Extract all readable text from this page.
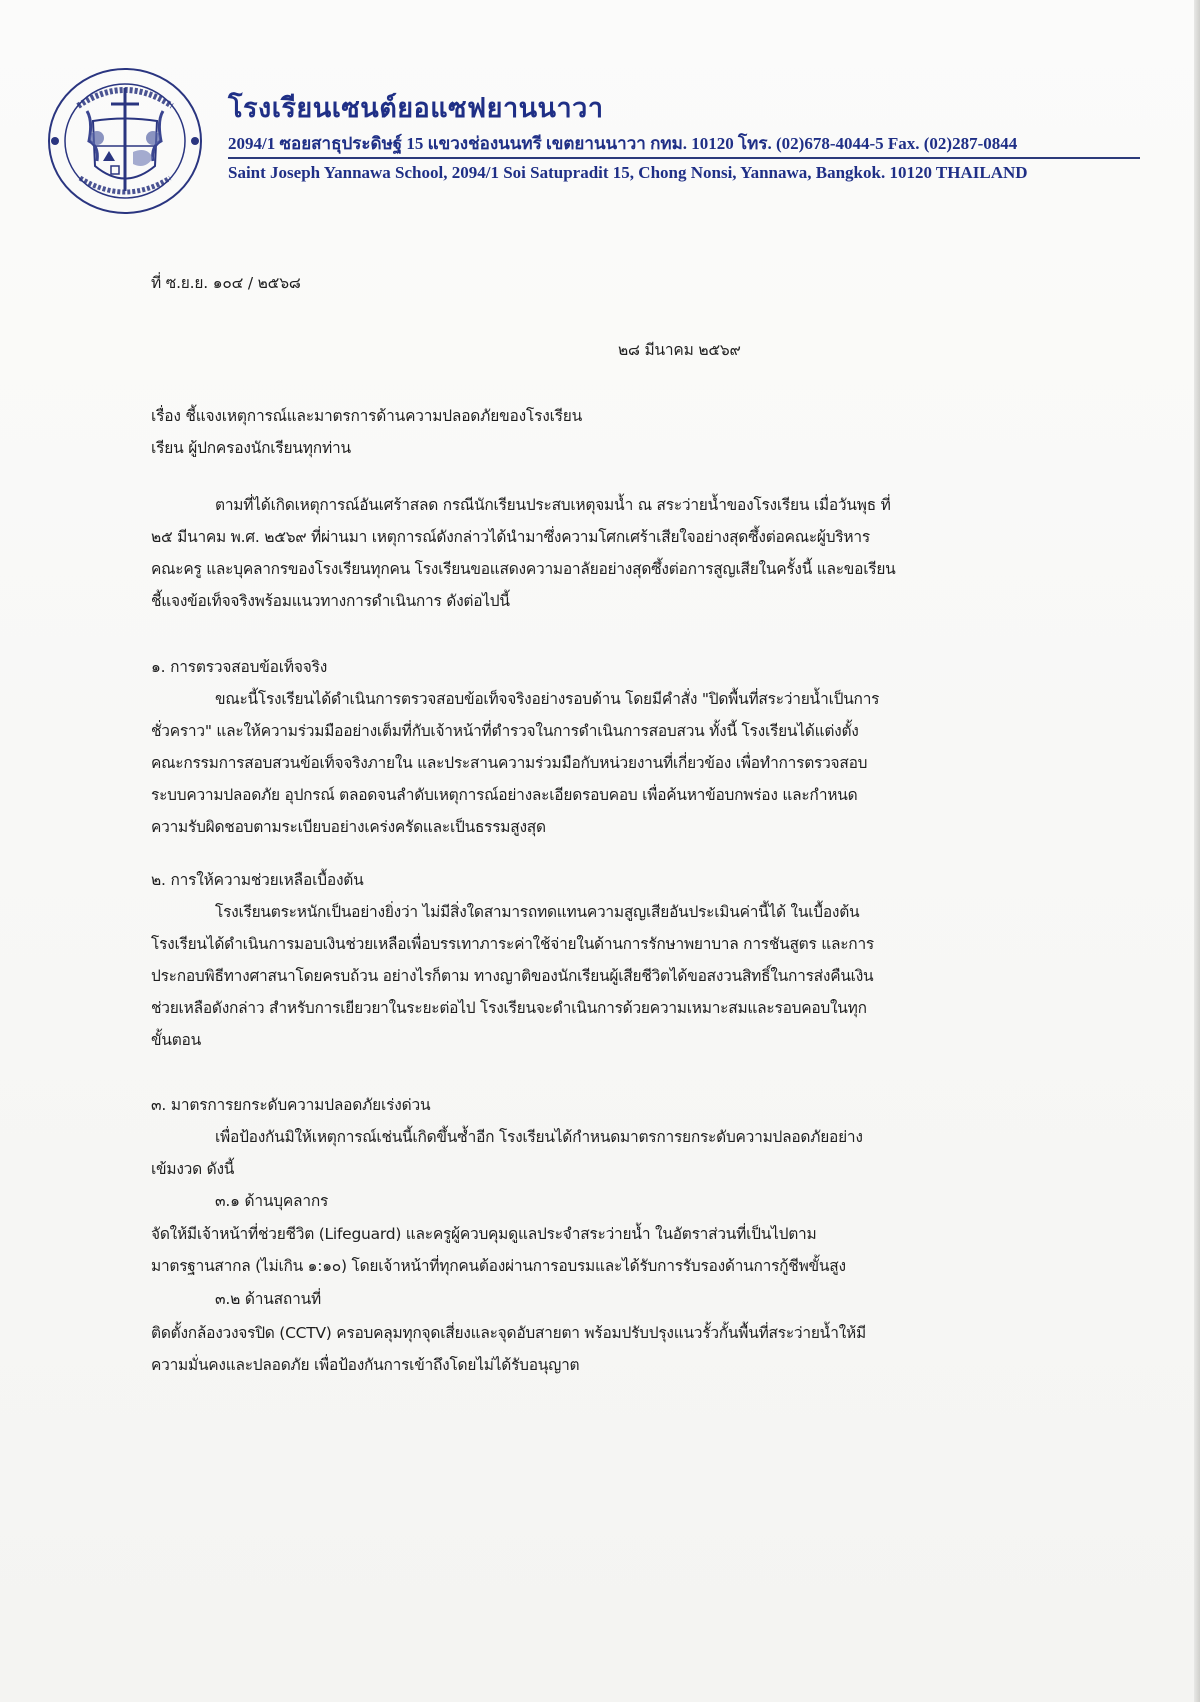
โรงเรียนเซนต์ยอแซฟยานนาวา
2094/1 ซอยสาธุประดิษฐ์ 15 แขวงช่องนนทรี เขตยานนาวา กทม. 10120 โทร. (02)678-4044-5 Fax. (02)287-0844
Saint Joseph Yannawa School, 2094/1 Soi Satupradit 15, Chong Nonsi, Yannawa, Bangkok. 10120 THAILAND
ที่ ซ.ย.ย. ๑๐๔ / ๒๕๖๘
๒๘ มีนาคม ๒๕๖๙
เรื่อง ชี้แจงเหตุการณ์และมาตรการด้านความปลอดภัยของโรงเรียน
เรียน ผู้ปกครองนักเรียนทุกท่าน
ตามที่ได้เกิดเหตุการณ์อันเศร้าสลด กรณีนักเรียนประสบเหตุจมน้ำ ณ สระว่ายน้ำของโรงเรียน เมื่อวันพุธ ที่
๒๕ มีนาคม พ.ศ. ๒๕๖๙ ที่ผ่านมา เหตุการณ์ดังกล่าวได้นำมาซึ่งความโศกเศร้าเสียใจอย่างสุดซึ้งต่อคณะผู้บริหาร
คณะครู และบุคลากรของโรงเรียนทุกคน โรงเรียนขอแสดงความอาลัยอย่างสุดซึ้งต่อการสูญเสียในครั้งนี้ และขอเรียน
ชี้แจงข้อเท็จจริงพร้อมแนวทางการดำเนินการ ดังต่อไปนี้
๑. การตรวจสอบข้อเท็จจริง
ขณะนี้โรงเรียนได้ดำเนินการตรวจสอบข้อเท็จจริงอย่างรอบด้าน โดยมีคำสั่ง "ปิดพื้นที่สระว่ายน้ำเป็นการ
ชั่วคราว" และให้ความร่วมมืออย่างเต็มที่กับเจ้าหน้าที่ตำรวจในการดำเนินการสอบสวน ทั้งนี้ โรงเรียนได้แต่งตั้ง
คณะกรรมการสอบสวนข้อเท็จจริงภายใน และประสานความร่วมมือกับหน่วยงานที่เกี่ยวข้อง เพื่อทำการตรวจสอบ
ระบบความปลอดภัย อุปกรณ์ ตลอดจนลำดับเหตุการณ์อย่างละเอียดรอบคอบ เพื่อค้นหาข้อบกพร่อง และกำหนด
ความรับผิดชอบตามระเบียบอย่างเคร่งครัดและเป็นธรรมสูงสุด
๒. การให้ความช่วยเหลือเบื้องต้น
โรงเรียนตระหนักเป็นอย่างยิ่งว่า ไม่มีสิ่งใดสามารถทดแทนความสูญเสียอันประเมินค่านี้ได้ ในเบื้องต้น
โรงเรียนได้ดำเนินการมอบเงินช่วยเหลือเพื่อบรรเทาภาระค่าใช้จ่ายในด้านการรักษาพยาบาล การชันสูตร และการ
ประกอบพิธีทางศาสนาโดยครบถ้วน อย่างไรก็ตาม ทางญาติของนักเรียนผู้เสียชีวิตได้ขอสงวนสิทธิ์ในการส่งคืนเงิน
ช่วยเหลือดังกล่าว สำหรับการเยียวยาในระยะต่อไป โรงเรียนจะดำเนินการด้วยความเหมาะสมและรอบคอบในทุก
ขั้นตอน
๓. มาตรการยกระดับความปลอดภัยเร่งด่วน
เพื่อป้องกันมิให้เหตุการณ์เช่นนี้เกิดขึ้นซ้ำอีก โรงเรียนได้กำหนดมาตรการยกระดับความปลอดภัยอย่าง
เข้มงวด ดังนี้
๓.๑ ด้านบุคลากร
จัดให้มีเจ้าหน้าที่ช่วยชีวิต (Lifeguard) และครูผู้ควบคุมดูแลประจำสระว่ายน้ำ ในอัตราส่วนที่เป็นไปตาม
มาตรฐานสากล (ไม่เกิน ๑:๑๐) โดยเจ้าหน้าที่ทุกคนต้องผ่านการอบรมและได้รับการรับรองด้านการกู้ชีพขั้นสูง
๓.๒ ด้านสถานที่
ติดตั้งกล้องวงจรปิด (CCTV) ครอบคลุมทุกจุดเสี่ยงและจุดอับสายตา พร้อมปรับปรุงแนวรั้วกั้นพื้นที่สระว่ายน้ำให้มี
ความมั่นคงและปลอดภัย เพื่อป้องกันการเข้าถึงโดยไม่ได้รับอนุญาต
